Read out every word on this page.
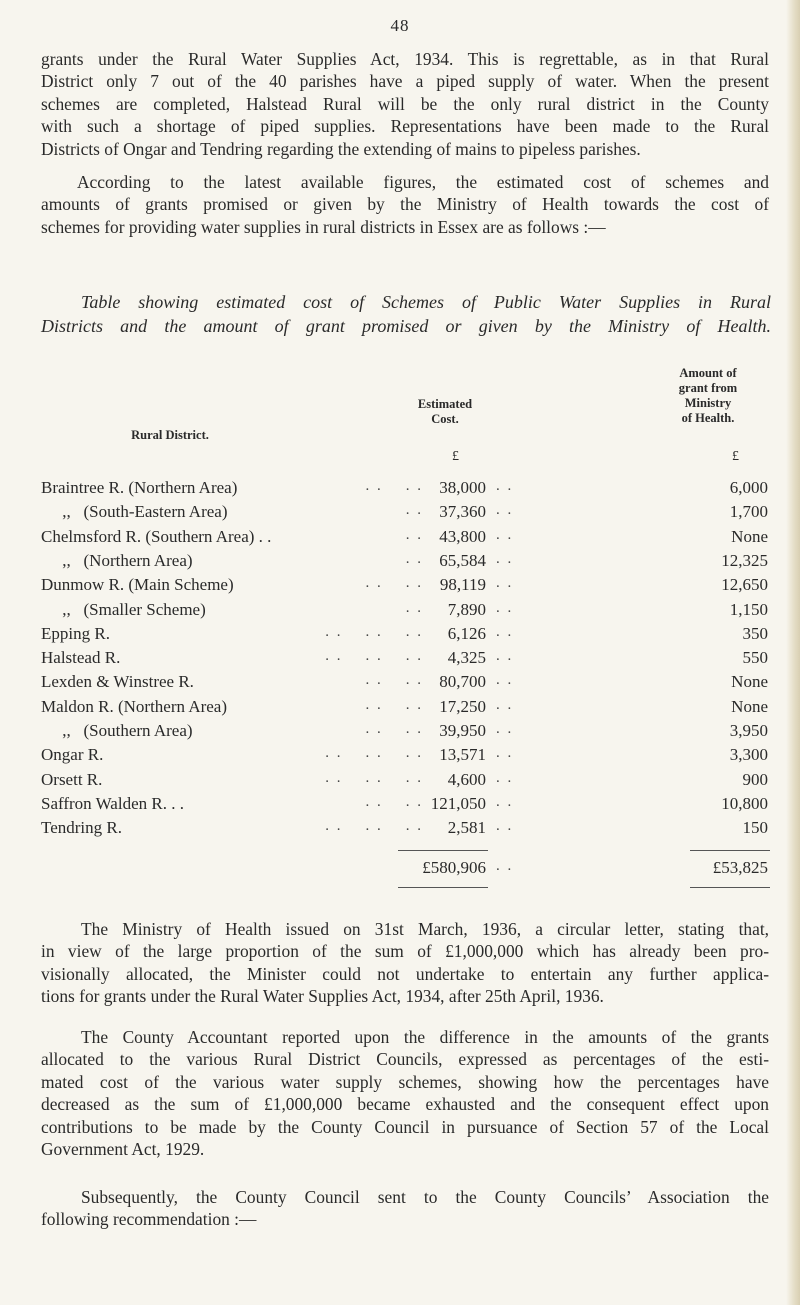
48
grants under the Rural Water Supplies Act, 1934. This is regrettable, as in that Rural
District only 7 out of the 40 parishes have a piped supply of water. When the present
schemes are completed, Halstead Rural will be the only rural district in the County
with such a shortage of piped supplies. Representations have been made to the Rural
Districts of Ongar and Tendring regarding the extending of mains to pipeless parishes.
According to the latest available figures, the estimated cost of schemes and
amounts of grants promised or given by the Ministry of Health towards the cost of
schemes for providing water supplies in rural districts in Essex are as follows :—
Table showing estimated cost of Schemes of Public Water Supplies in Rural
Districts and the amount of grant promised or given by the Ministry of Health.
Rural District.
Estimated
Cost.
Amount of
grant from
Ministry
of Health.
£	£
Braintree R. (Northern Area)	. .    . . 38,000 . .	6,000
,,   (South-Eastern Area)	. . 37,360 . .	1,700
Chelmsford R. (Southern Area) . .	. . 43,800 . .	None
,,   (Northern Area)	. . 65,584 . .	12,325
Dunmow R. (Main Scheme)	. .    . . 98,119 . .	12,650
,,   (Smaller Scheme)	. .	7,890 . .	1,150
Epping R.	. .    . .    . .	6,126 . .	350
Halstead R.	. .    . .    . .	4,325 . .	550
Lexden & Winstree R.	. .    . . 80,700 . .	None
Maldon R. (Northern Area)	. .    . . 17,250 . .	None
,,   (Southern Area)	. .    . . 39,950 . .	3,950
Ongar R.	. .    . .    . . 13,571 . .	3,300
Orsett R.	. .    . .    . .	4,600 . .	900
Saffron Walden R. . .	. .    . . 121,050 . .	10,800
Tendring R.	. .    . .    . .	2,581 . .	150
£580,906 . .	£53,825
The Ministry of Health issued on 31st March, 1936, a circular letter, stating that,
in view of the large proportion of the sum of £1,000,000 which has already been pro-
visionally allocated, the Minister could not undertake to entertain any further applica-
tions for grants under the Rural Water Supplies Act, 1934, after 25th April, 1936.
The County Accountant reported upon the difference in the amounts of the grants
allocated to the various Rural District Councils, expressed as percentages of the esti-
mated cost of the various water supply schemes, showing how the percentages have
decreased as the sum of £1,000,000 became exhausted and the consequent effect upon
contributions to be made by the County Council in pursuance of Section 57 of the Local
Government Act, 1929.
Subsequently, the County Council sent to the County Councils’ Association the
following recommendation :—
